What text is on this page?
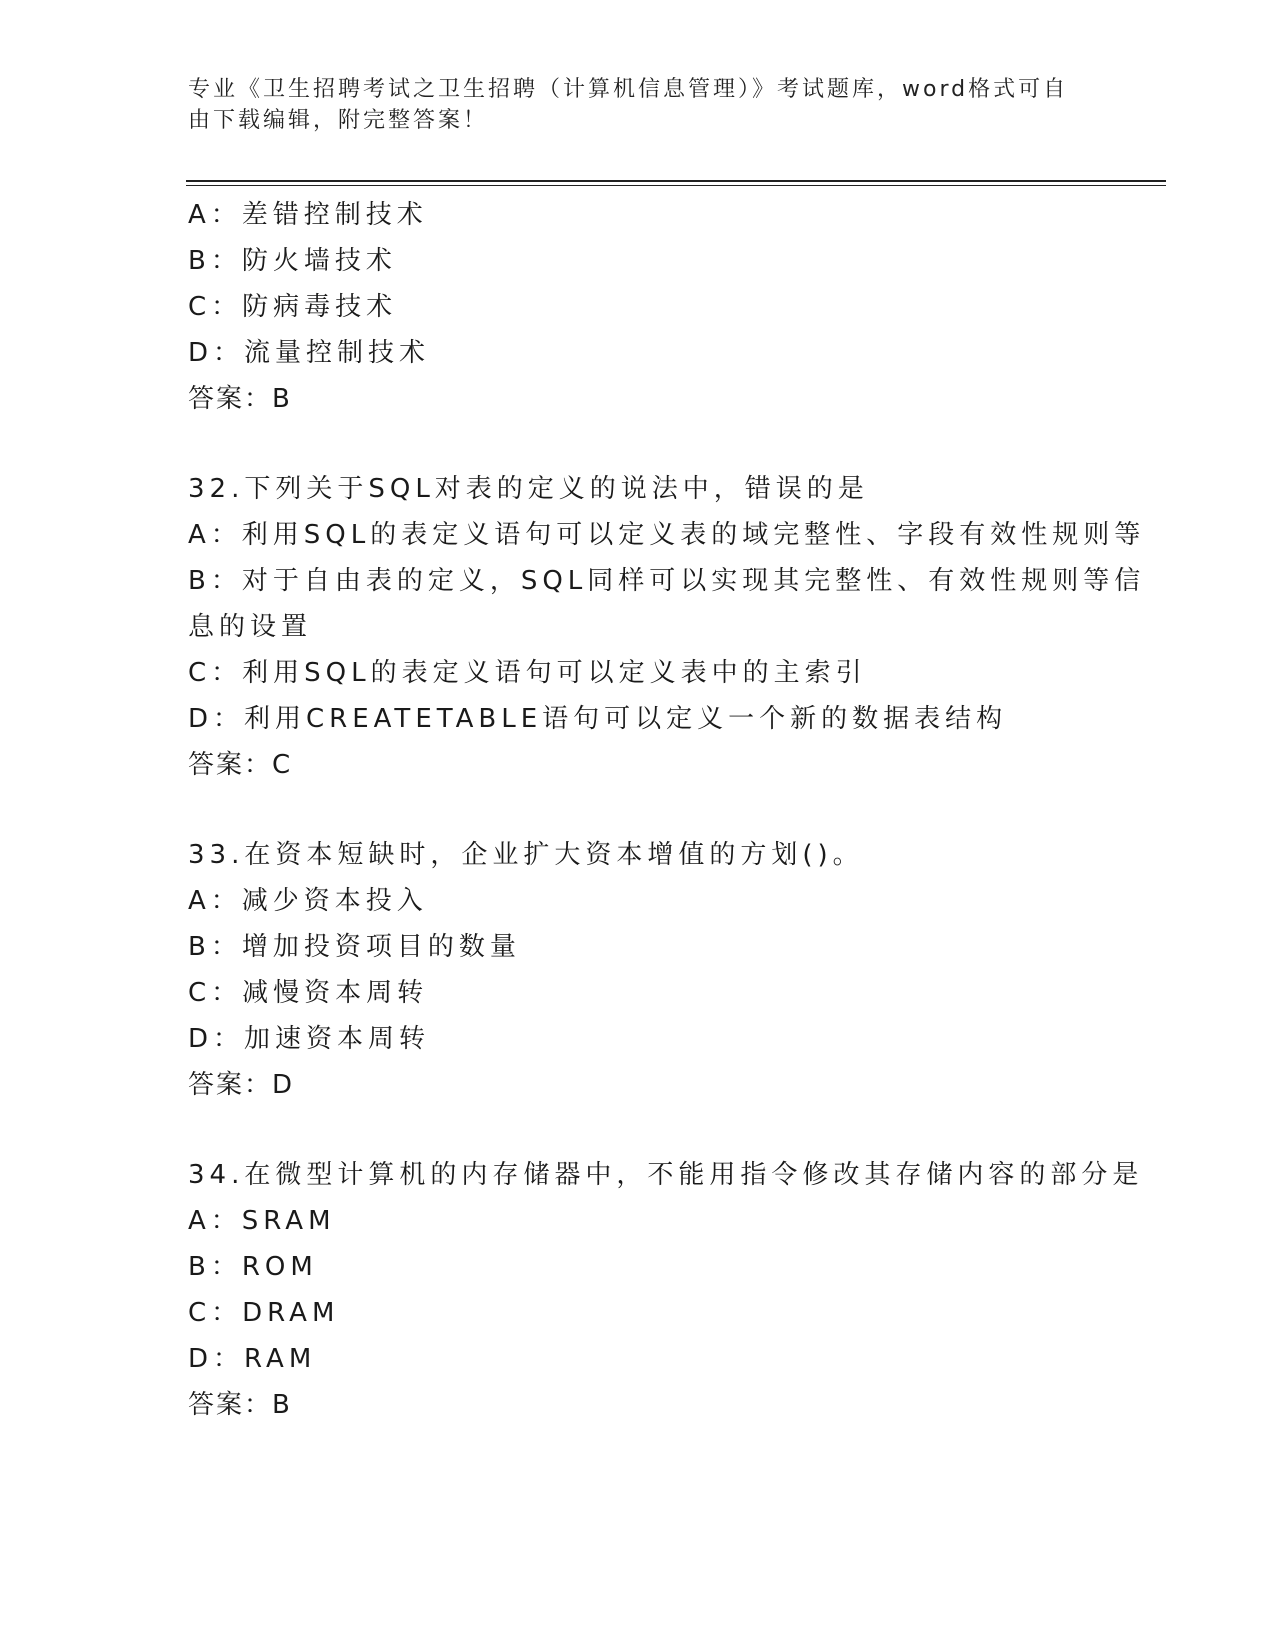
专业《卫生招聘考试之卫生招聘（计算机信息管理）》考试题库，word格式可自
由下载编辑，附完整答案！
A：差错控制技术
B：防火墙技术
C：防病毒技术
D：流量控制技术
答案：B
32.下列关于SQL对表的定义的说法中，错误的是
A：利用SQL的表定义语句可以定义表的域完整性、字段有效性规则等
B：对于自由表的定义，SQL同样可以实现其完整性、有效性规则等信
息的设置
C：利用SQL的表定义语句可以定义表中的主索引
D：利用CREATETABLE语句可以定义一个新的数据表结构
答案：C
33.在资本短缺时，企业扩大资本增值的方划()。
A：减少资本投入
B：增加投资项目的数量
C：减慢资本周转
D：加速资本周转
答案：D
34.在微型计算机的内存储器中，不能用指令修改其存储内容的部分是
A：SRAM
B：ROM
C：DRAM
D：RAM
答案：B
